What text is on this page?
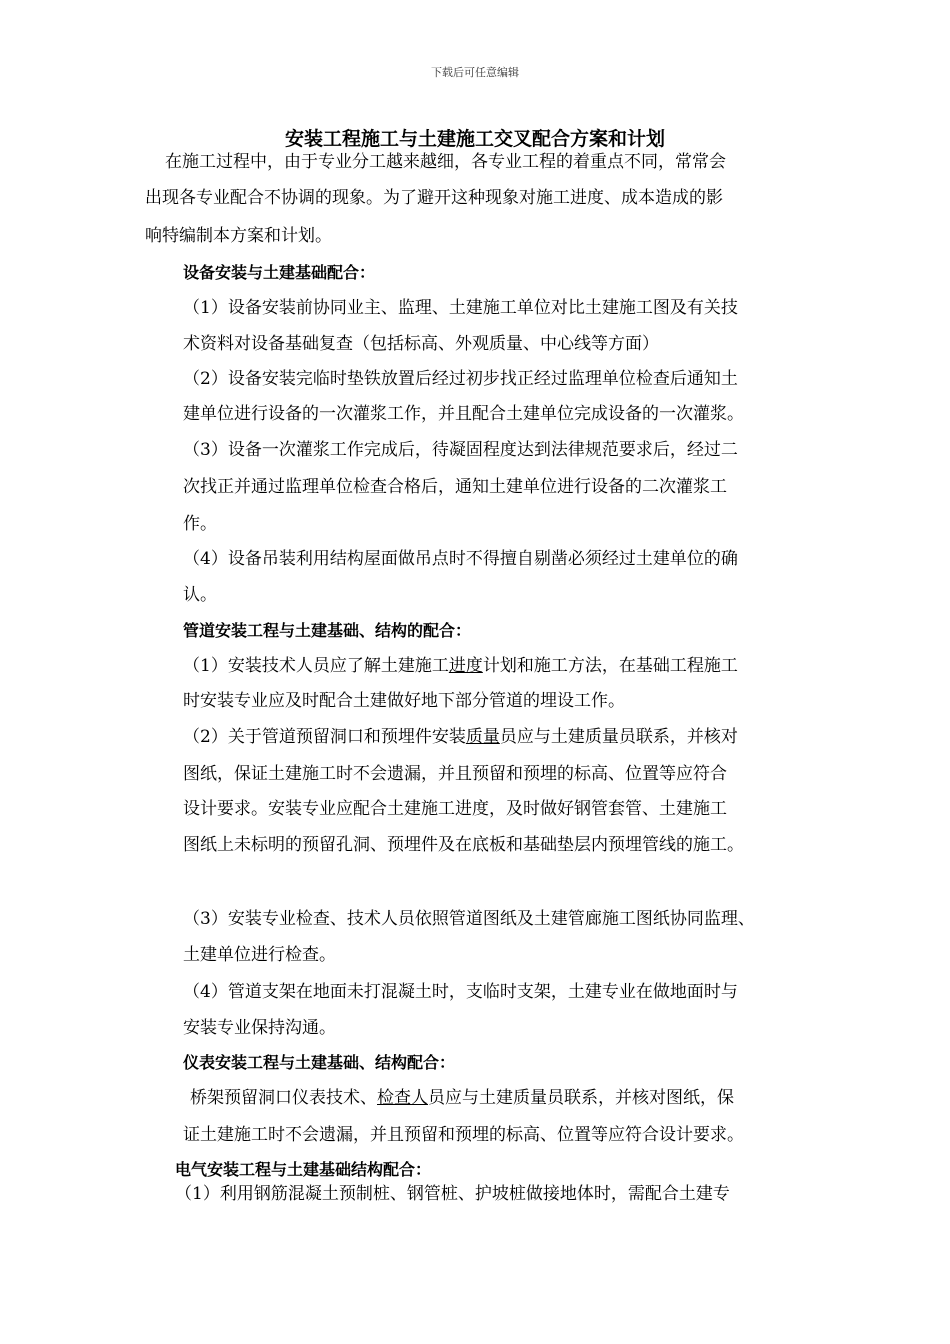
下载后可任意编辑
安装工程施工与土建施工交叉配合方案和计划
在施工过程中，由于专业分工越来越细，各专业工程的着重点不同，常常会
出现各专业配合不协调的现象。为了避开这种现象对施工进度、成本造成的影
响特编制本方案和计划。
设备安装与土建基础配合：
（1）设备安装前协同业主、监理、土建施工单位对比土建施工图及有关技
术资料对设备基础复查（包括标高、外观质量、中心线等方面）
（2）设备安装完临时垫铁放置后经过初步找正经过监理单位检查后通知土
建单位进行设备的一次灌浆工作，并且配合土建单位完成设备的一次灌浆。
（3）设备一次灌浆工作完成后，待凝固程度达到法律规范要求后，经过二
次找正并通过监理单位检查合格后，通知土建单位进行设备的二次灌浆工
作。
（4）设备吊装利用结构屋面做吊点时不得擅自剔凿必须经过土建单位的确
认。
管道安装工程与土建基础、结构的配合：
（1）安装技术人员应了解土建施工进度计划和施工方法，在基础工程施工
时安装专业应及时配合土建做好地下部分管道的埋设工作。
（2）关于管道预留洞口和预埋件安装质量员应与土建质量员联系，并核对
图纸，保证土建施工时不会遗漏，并且预留和预埋的标高、位置等应符合
设计要求。安装专业应配合土建施工进度，及时做好钢管套管、土建施工
图纸上未标明的预留孔洞、预埋件及在底板和基础垫层内预埋管线的施工。
（3）安装专业检查、技术人员依照管道图纸及土建管廊施工图纸协同监理、
土建单位进行检查。
（4）管道支架在地面未打混凝土时，支临时支架，土建专业在做地面时与
安装专业保持沟通。
仪表安装工程与土建基础、结构配合：
桥架预留洞口仪表技术、检查人员应与土建质量员联系，并核对图纸，保
证土建施工时不会遗漏，并且预留和预埋的标高、位置等应符合设计要求。
电气安装工程与土建基础结构配合：
（1）利用钢筋混凝土预制桩、钢管桩、护坡桩做接地体时，需配合土建专
